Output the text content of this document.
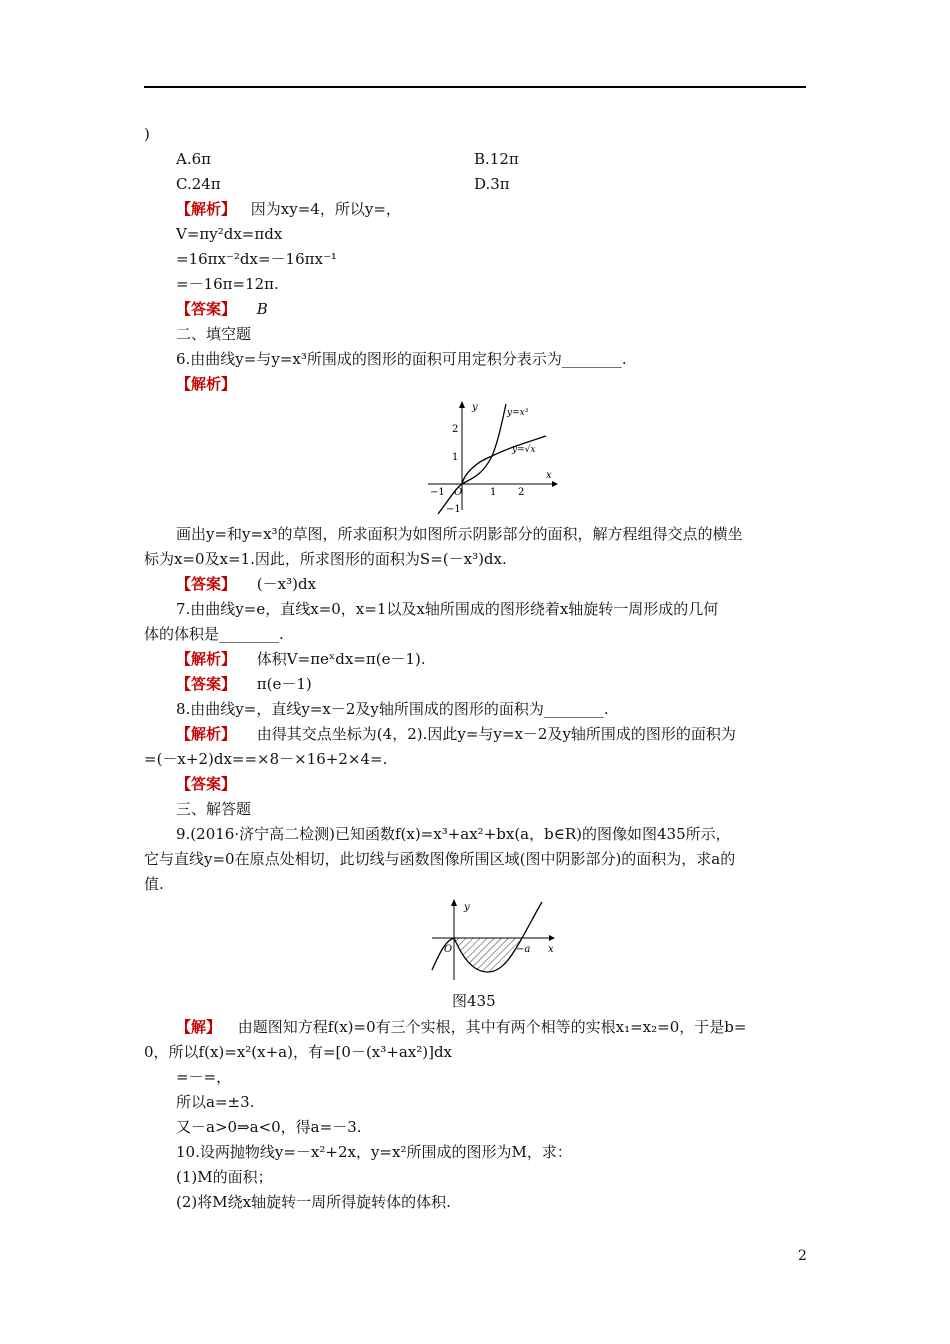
)
A.6π	B.12π
C.24π	D.3π
【解析】 因为xy=4，所以y=，
V=πy²dx=πdx
=16πx⁻²dx=－16πx⁻¹
=－16π=12π.
【答案】 B
二、填空题
6.由曲线y=与y=x³所围成的图形的面积可用定积分表示为________.
【解析】
y
x
O
y=x³
y=√x
−1	1 2
2
1
−1
画出y=和y=x³的草图，所求面积为如图所示阴影部分的面积，解方程组得交点的横坐
标为x=0及x=1.因此，所求图形的面积为S=(－x³)dx.
【答案】 (－x³)dx
7.由曲线y=e，直线x=0，x=1以及x轴所围成的图形绕着x轴旋转一周形成的几何
体的体积是________.
【解析】 体积V=πeˣdx=π(e－1).
【答案】 π(e－1)
8.由曲线y=，直线y=x－2及y轴所围成的图形的面积为________.
【解析】 由得其交点坐标为(4，2).因此y=与y=x－2及y轴所围成的图形的面积为
=(－x+2)dx==×8－×16+2×4=.
【答案】
三、解答题
9.(2016·济宁高二检测)已知函数f(x)=x³+ax²+bx(a，b∈R)的图像如图435所示，
它与直线y=0在原点处相切，此切线与函数图像所围区域(图中阴影部分)的面积为，求a的
值.
y
x
O	−a
图435
【解】 由题图知方程f(x)=0有三个实根，其中有两个相等的实根x₁=x₂=0，于是b=
0，所以f(x)=x²(x+a)，有=[0－(x³+ax²)]dx
=－=，
所以a=±3.
又－a>0⇒a<0，得a=－3.
10.设两抛物线y=－x²+2x，y=x²所围成的图形为M，求：
(1)M的面积；
(2)将M绕x轴旋转一周所得旋转体的体积.
2
